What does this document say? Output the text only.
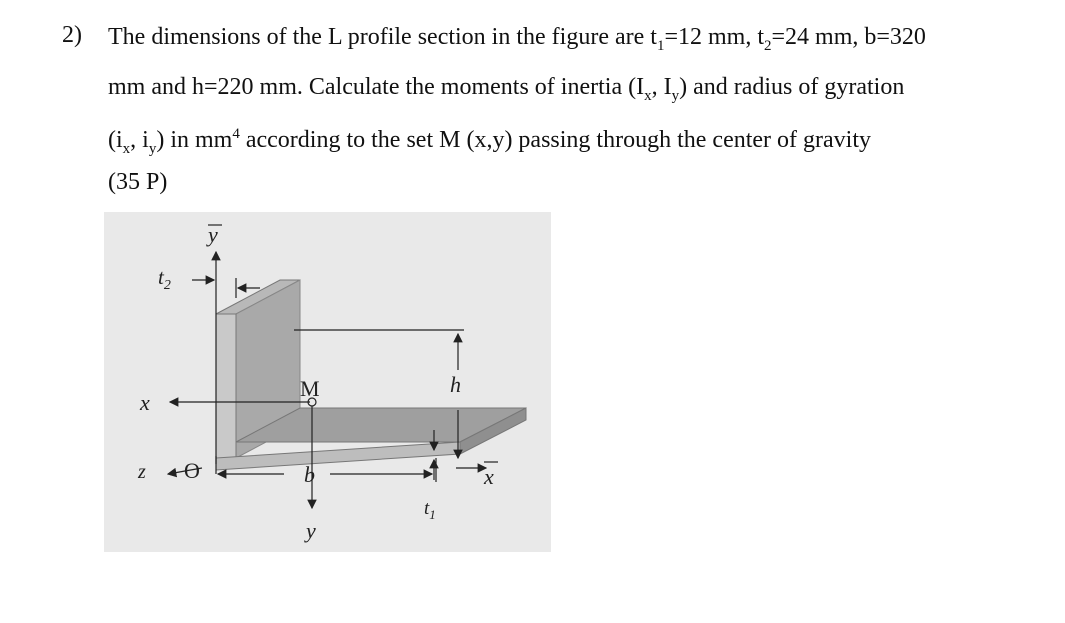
2) The dimensions of the L profile section in the figure are $t_1=12$ mm, $t_2=24$ mm, b=320
mm and h=220 mm. Calculate the moments of inertia ($I_x$, $I_y$) and radius of gyration
($i_x$, $i_y$) in $mm^4$ according to the set M (x,y) passing through the center of gravity
(35 P)
y
$t_2$
x
M
y
z O	b
h
$t_1$
x
